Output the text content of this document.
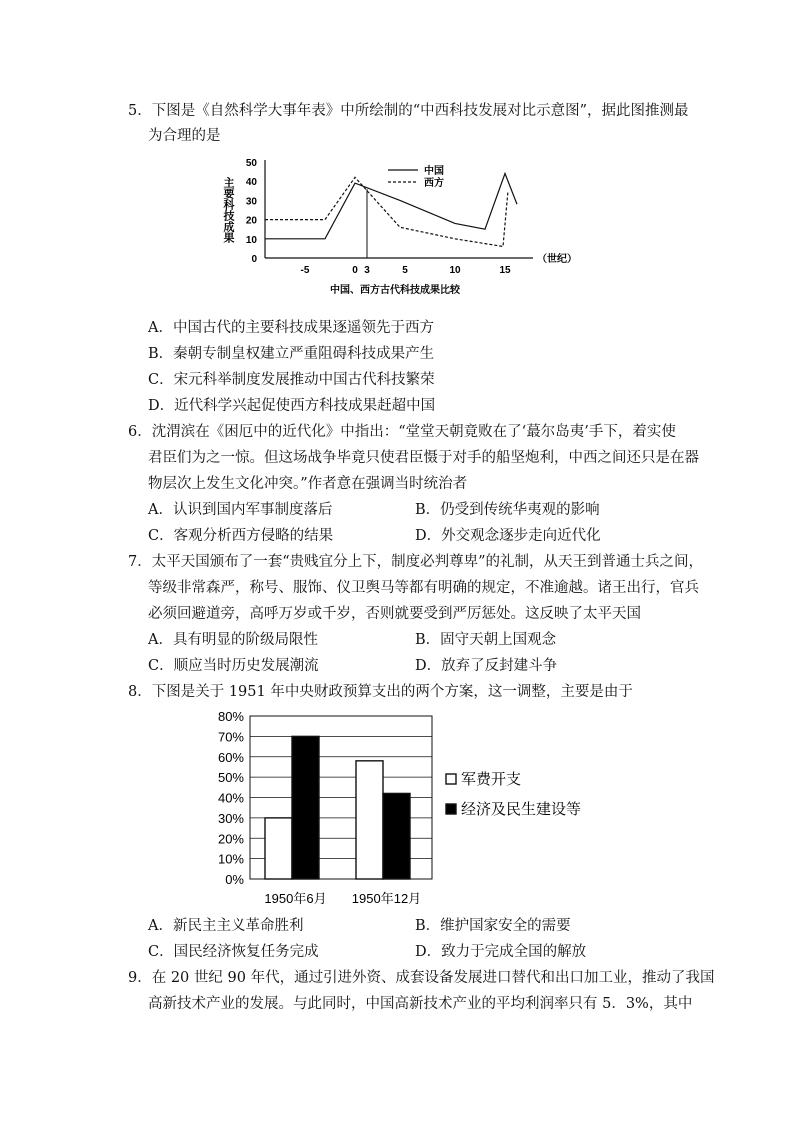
5．下图是《自然科学大事年表》中所绘制的“中西科技发展对比示意图”，据此图推测最
为合理的是
0
10
20
30
40
50
-5	0 3	5	10	15
主要科技成果
（世纪）
中国、西方古代科技成果比较
中国
西方
A．中国古代的主要科技成果逐遥领先于西方
B．秦朝专制皇权建立严重阻碍科技成果产生
C．宋元科举制度发展推动中国古代科技繁荣
D．近代科学兴起促使西方科技成果赶超中国
6．沈渭滨在《困厄中的近代化》中指出：“堂堂天朝竟败在了‘蕞尔岛夷’手下，着实使
君臣们为之一惊。但这场战争毕竟只使君臣慑于对手的船坚炮利，中西之间还只是在器
物层次上发生文化冲突。”作者意在强调当时统治者
A．认识到国内军事制度落后	B．仍受到传统华夷观的影响
C．客观分析西方侵略的结果	D．外交观念逐步走向近代化
7．太平天国颁布了一套“贵贱宜分上下，制度必判尊卑”的礼制，从天王到普通士兵之间，
等级非常森严，称号、服饰、仪卫舆马等都有明确的规定，不准逾越。诸王出行，官兵
必须回避道旁，高呼万岁或千岁，否则就要受到严厉惩处。这反映了太平天国
A．具有明显的阶级局限性	B．固守天朝上国观念
C．顺应当时历史发展潮流	D．放弃了反封建斗争
8．下图是关于 1951 年中央财政预算支出的两个方案，这一调整，主要是由于
0%
10%
20%
30%
40%
50%
60%
70%
80%
1950年6月 1950年12月
军费开支
经济及民生建设等
A．新民主主义革命胜利	B．维护国家安全的需要
C．国民经济恢复任务完成	D．致力于完成全国的解放
9．在 20 世纪 90 年代，通过引进外资、成套设备发展进口替代和出口加工业，推动了我国
高新技术产业的发展。与此同时，中国高新技术产业的平均利润率只有 5．3%，其中
